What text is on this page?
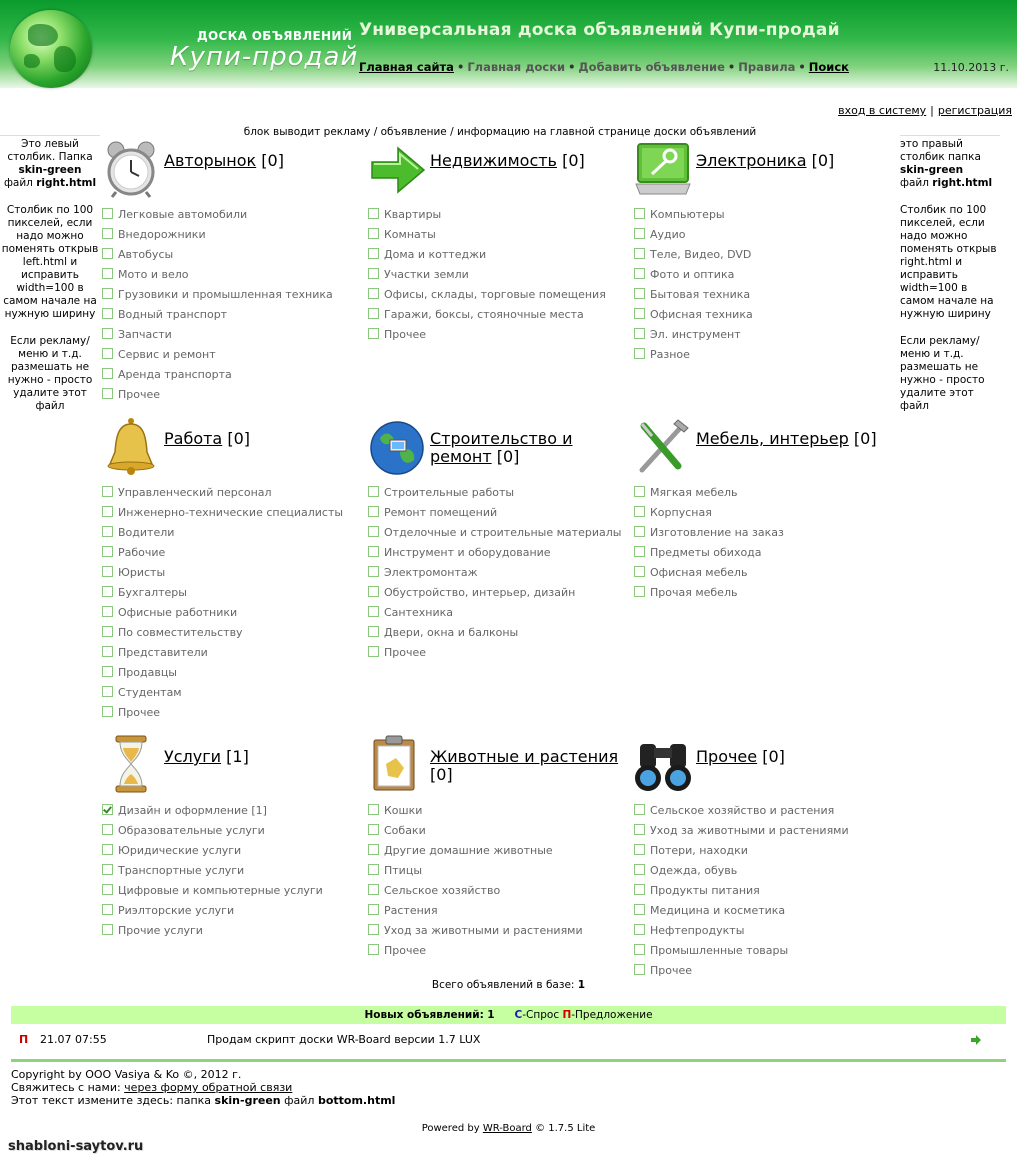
ДОСКА ОБЪЯВЛЕНИЙ
Купи-продай
Универсальная доска объявлений Купи-продай
Главная сайта • Главная доски • Добавить объявление • Правила • Поиск	11.10.2013 г.
вход в систему | регистрация

Это левый столбик. Папка skin-green
файл right.html

Столбик по 100 пикселей, если надо можно поменять открыв left.html и исправить width=100 в самом начале на нужную ширину

Если рекламу/меню и т.д. размешать не нужно - просто удалите этот файл

это правый столбик папка skin-green
файл right.html

Столбик по 100 пикселей, если надо можно поменять открыв right.html и исправить width=100 в самом начале на нужную ширину

Если рекламу/меню и т.д. размешать не нужно - просто удалите этот файл

блок выводит рекламу / объявление / информацию на главной странице доски объявлений
Авторынок [0]
Легковые автомобили
Внедорожники
Автобусы
Мото и вело
Грузовики и промышленная техника
Водный транспорт
Запчасти
Сервис и ремонт
Аренда транспорта
Прочее
Недвижимость [0]
Квартиры
Комнаты
Дома и коттеджи
Участки земли
Офисы, склады, торговые помещения
Гаражи, боксы, стояночные места
Прочее
Электроника [0]
Компьютеры
Аудио
Теле, Видео, DVD
Фото и оптика
Бытовая техника
Офисная техника
Эл. инструмент
Разное
Работа [0]
Управленческий персонал
Инженерно-технические специалисты
Водители
Рабочие
Юристы
Бухгалтеры
Офисные работники
По совместительству
Представители
Продавцы
Студентам
Прочее
Строительство и ремонт [0]
Строительные работы
Ремонт помещений
Отделочные и строительные материалы
Инструмент и оборудование
Электромонтаж
Обустройство, интерьер, дизайн
Сантехника
Двери, окна и балконы
Прочее
Мебель, интерьер [0]
Мягкая мебель
Корпусная
Изготовление на заказ
Предметы обихода
Офисная мебель
Прочая мебель
Услуги [1]
Дизайн и оформление [1]
Образовательные услуги
Юридические услуги
Транспортные услуги
Цифровые и компьютерные услуги
Риэлторские услуги
Прочие услуги
Животные и растения [0]
Кошки
Собаки
Другие домашние животные
Птицы
Сельское хозяйство
Растения
Уход за животными и растениями
Прочее
Прочее [0]
Сельское хозяйство и растения
Уход за животными и растениями
Потери, находки
Одежда, обувь
Продукты питания
Медицина и косметика
Нефтепродукты
Промышленные товары
Прочее
Всего объявлений в базе: 1
Новых объявлений: 1 С-Спрос П-Предложение
П 21.07 07:55	Продам скрипт доски WR-Board версии 1.7 LUX
Copyright by ООО Vasiya & Ko ©, 2012 г.
Свяжитесь с нами: через форму обратной связи
Этот текст измените здесь: папка skin-green файл bottom.html
Powered by WR-Board © 1.7.5 Lite
shabloni-saytov.ru
